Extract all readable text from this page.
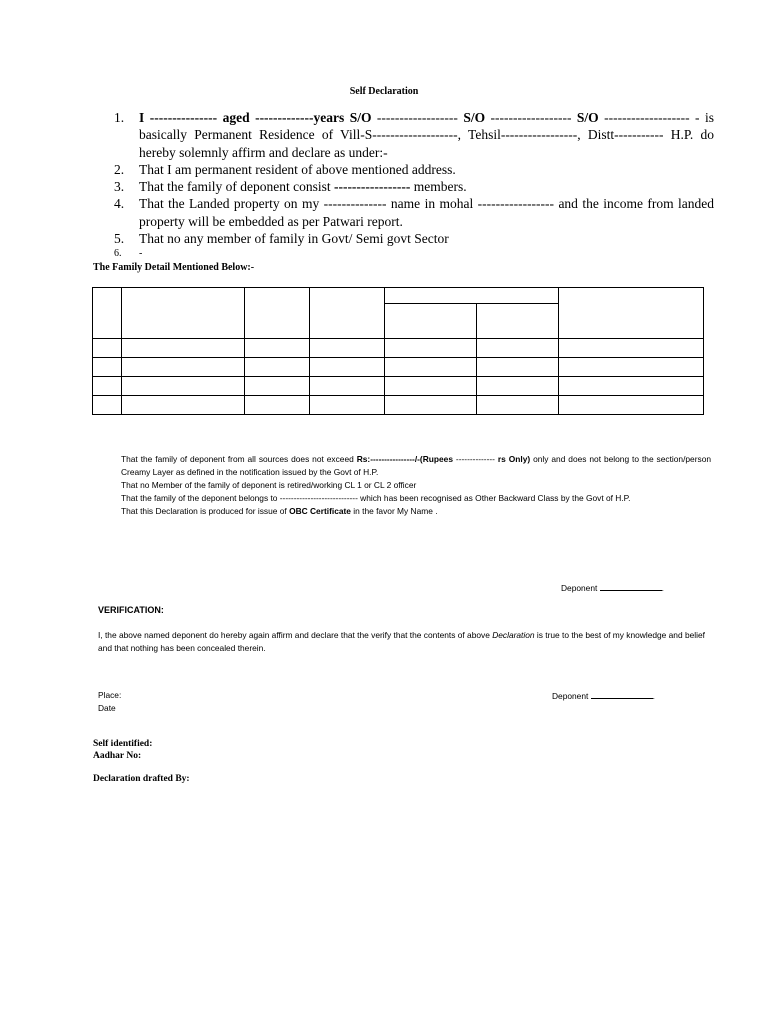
Self Declaration

1. I --------------- aged -------------years S/O ------------------ S/O ------------------ S/O ------------------- - is basically Permanent Residence of Vill-S-------------------, Tehsil-----------------, Distt----------- H.P. do hereby solemnly affirm and declare as under:-

2. That I am permanent resident of above mentioned address.

3. That the family of deponent consist ----------------- members.

4. That the Landed property on my -------------- name in mohal ----------------- and the income from landed property will be embedded as per Patwari report.

5. That no any member of family in Govt/ Semi govt Sector

6. -

The Family Detail Mentioned Below:-

That the family of deponent from all sources does not exceed Rs:----------------/-(Rupees -------------- rs Only) only and does not belong to the section/person Creamy Layer as defined in the notification issued by the Govt of H.P.

That no Member of the family of deponent is retired/working CL 1 or CL 2 officer

That the family of the deponent belongs to ---------------------------- which has been recognised as Other Backward Class by the Govt of H.P.

That this Declaration is produced for issue of OBC Certificate in the favor My Name .

Deponent	.
VERIFICATION:

I, the above named deponent do hereby again affirm and declare that the verify that the contents of above Declaration is true to the best of my knowledge and belief and that nothing has been concealed therein.

Place:
Date
Deponent	.
Self identified:
Aadhar No:
Declaration drafted By:
